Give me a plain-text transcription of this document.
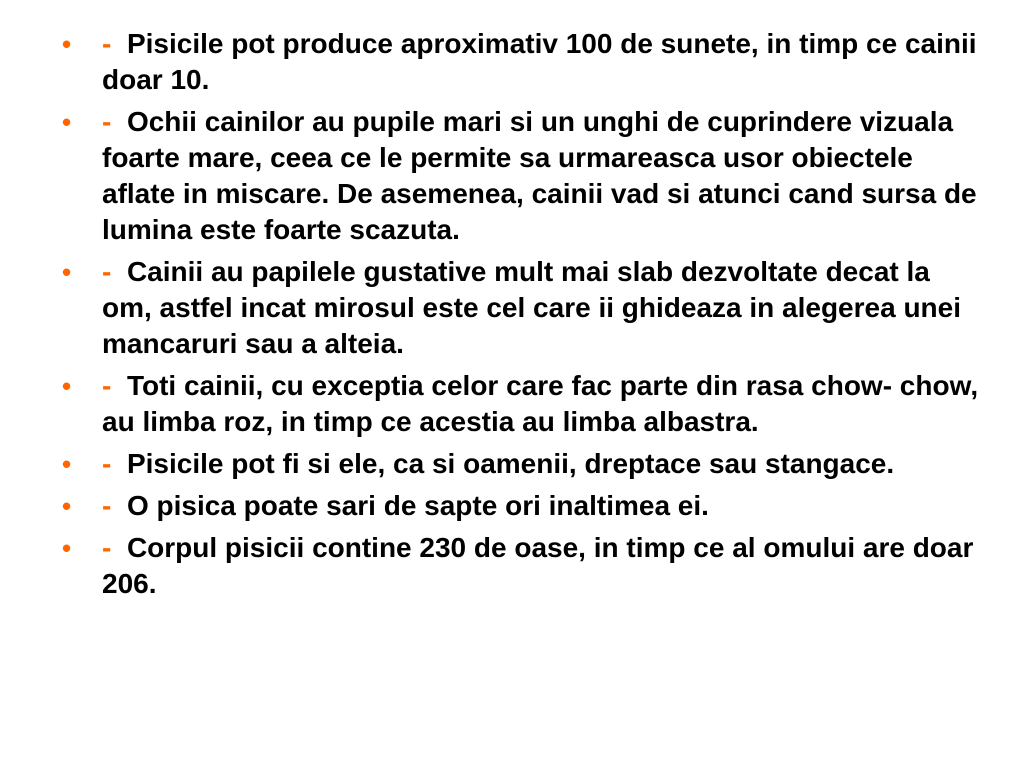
• - Pisicile pot produce aproximativ 100 de sunete, in timp ce cainii doar 10.
• - Ochii cainilor au pupile mari si un unghi de cuprindere vizuala foarte mare, ceea ce le permite sa urmareasca usor obiectele aflate in miscare. De asemenea, cainii vad si atunci cand sursa de lumina este foarte scazuta.
• - Cainii au papilele gustative mult mai slab dezvoltate decat la om, astfel incat mirosul este cel care ii ghideaza in alegerea unei mancaruri sau a alteia.
• - Toti cainii, cu exceptia celor care fac parte din rasa chow- chow, au limba roz, in timp ce acestia au limba albastra.
• - Pisicile pot fi si ele, ca si oamenii, dreptace sau stangace.
• - O pisica poate sari de sapte ori inaltimea ei.
• - Corpul pisicii contine 230 de oase, in timp ce al omului are doar 206.
